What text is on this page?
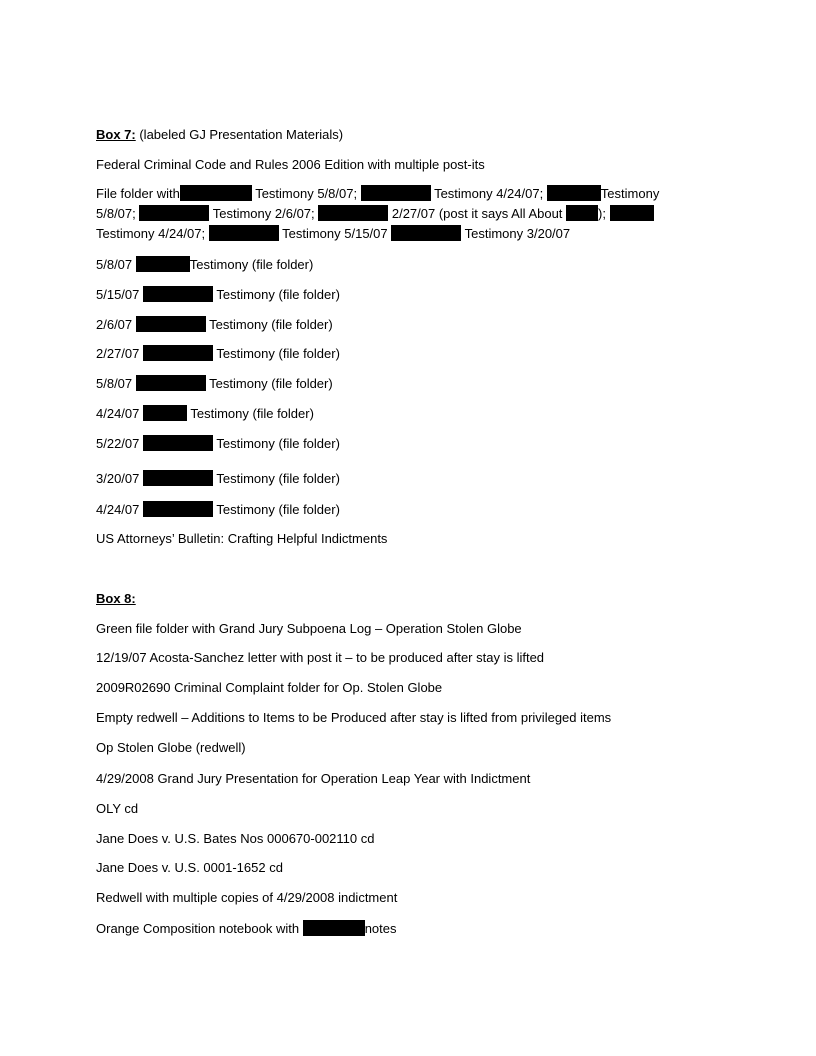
Box 7: (labeled GJ Presentation Materials)
Federal Criminal Code and Rules 2006 Edition with multiple post-its
File folder with	Testimony 5/8/07;	Testimony 4/24/07;	Testimony
5/8/07;	Testimony 2/6/07;	2/27/07 (post it says All About );
Testimony 4/24/07;	Testimony 5/15/07	Testimony 3/20/07
5/8/07	Testimony (file folder)
5/15/07	Testimony (file folder)
2/6/07	Testimony (file folder)
2/27/07	Testimony (file folder)
5/8/07	Testimony (file folder)
4/24/07	Testimony (file folder)
5/22/07	Testimony (file folder)
3/20/07	Testimony (file folder)
4/24/07	Testimony (file folder)
US Attorneys’ Bulletin: Crafting Helpful Indictments
Box 8:
Green file folder with Grand Jury Subpoena Log – Operation Stolen Globe
12/19/07 Acosta-Sanchez letter with post it – to be produced after stay is lifted
2009R02690 Criminal Complaint folder for Op. Stolen Globe
Empty redwell – Additions to Items to be Produced after stay is lifted from privileged items
Op Stolen Globe (redwell)
4/29/2008 Grand Jury Presentation for Operation Leap Year with Indictment
OLY cd
Jane Does v. U.S. Bates Nos 000670-002110 cd
Jane Does v. U.S. 0001-1652 cd
Redwell with multiple copies of 4/29/2008 indictment
Orange Composition notebook with	notes
